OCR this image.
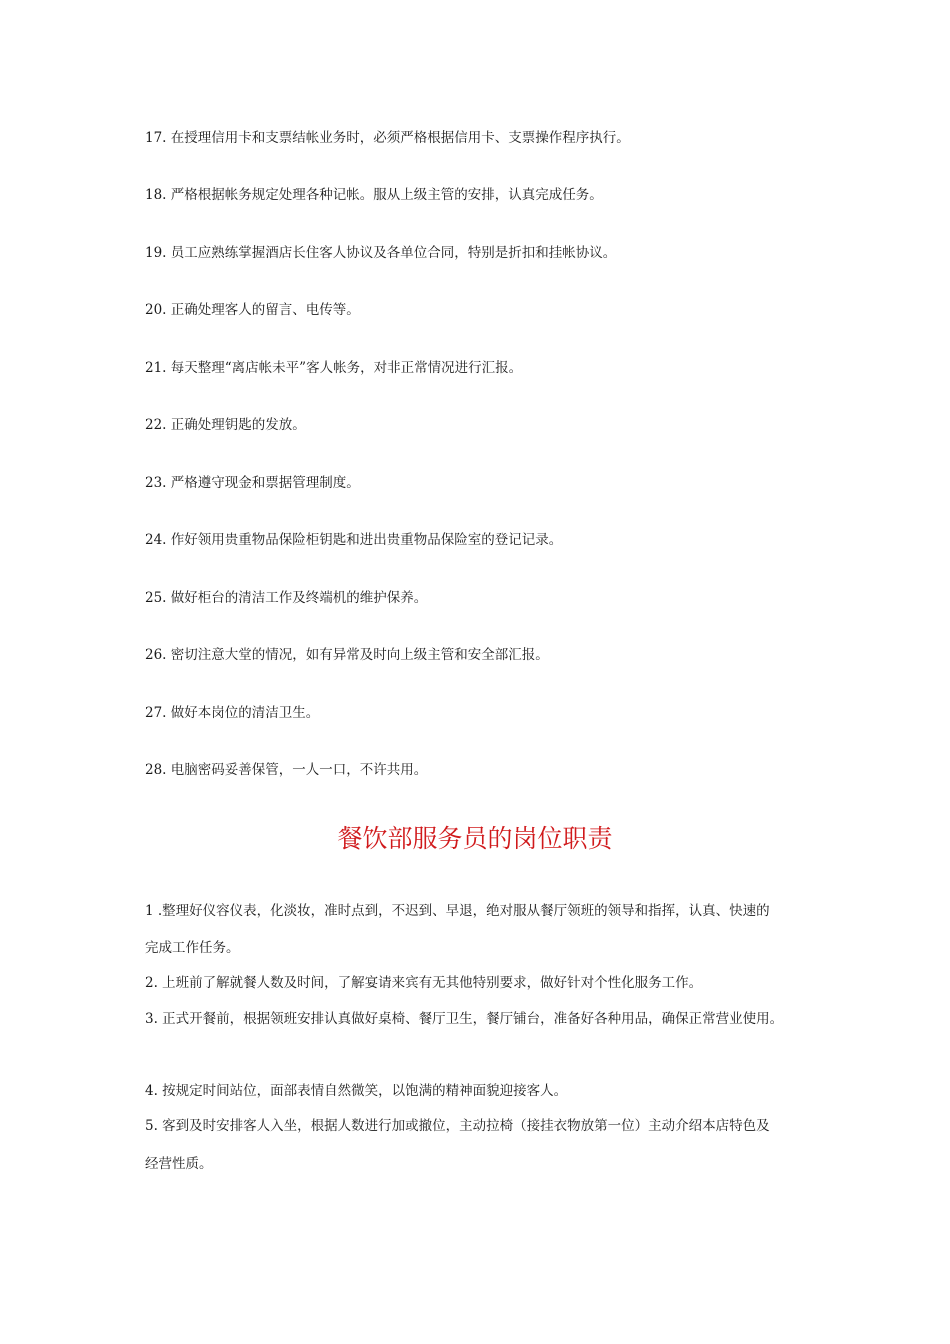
17. 在授理信用卡和支票结帐业务时，必须严格根据信用卡、支票操作程序执行。
18. 严格根据帐务规定处理各种记帐。服从上级主管的安排，认真完成任务。
19. 员工应熟练掌握酒店长住客人协议及各单位合同，特别是折扣和挂帐协议。
20. 正确处理客人的留言、电传等。
21. 每天整理“离店帐未平”客人帐务，对非正常情况进行汇报。
22. 正确处理钥匙的发放。
23. 严格遵守现金和票据管理制度。
24. 作好领用贵重物品保险柜钥匙和进出贵重物品保险室的登记记录。
25. 做好柜台的清洁工作及终端机的维护保养。
26. 密切注意大堂的情况，如有异常及时向上级主管和安全部汇报。
27. 做好本岗位的清洁卫生。
28. 电脑密码妥善保管，一人一口，不许共用。
餐饮部服务员的岗位职责
1 .整理好仪容仪表，化淡妆，准时点到，不迟到、早退，绝对服从餐厅领班的领导和指挥，认真、快速的
完成工作任务。
2. 上班前了解就餐人数及时间，了解宴请来宾有无其他特别要求，做好针对个性化服务工作。
3. 正式开餐前，根据领班安排认真做好桌椅、餐厅卫生，餐厅铺台，准备好各种用品，确保正常营业使用。
4. 按规定时间站位，面部表情自然微笑，以饱满的精神面貌迎接客人。
5. 客到及时安排客人入坐，根据人数进行加或撤位，主动拉椅（接挂衣物放第一位）主动介绍本店特色及
经营性质。
